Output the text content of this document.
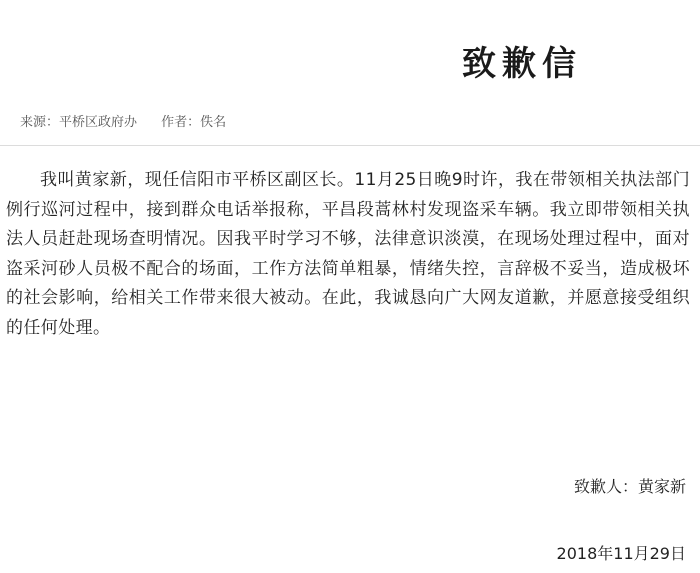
致歉信
来源：平桥区政府办 作者：佚名

我叫黄家新，现任信阳市平桥区副区长。11月25日晚9时许，我在带领相关执法部门例行巡河过程中，接到群众电话举报称，平昌段蒿林村发现盗采车辆。我立即带领相关执法人员赶赴现场查明情况。因我平时学习不够，法律意识淡漠，在现场处理过程中，面对盗采河砂人员极不配合的场面，工作方法简单粗暴，情绪失控，言辞极不妥当，造成极坏的社会影响，给相关工作带来很大被动。在此，我诚恳向广大网友道歉，并愿意接受组织的任何处理。

致歉人：黄家新
2018年11月29日
